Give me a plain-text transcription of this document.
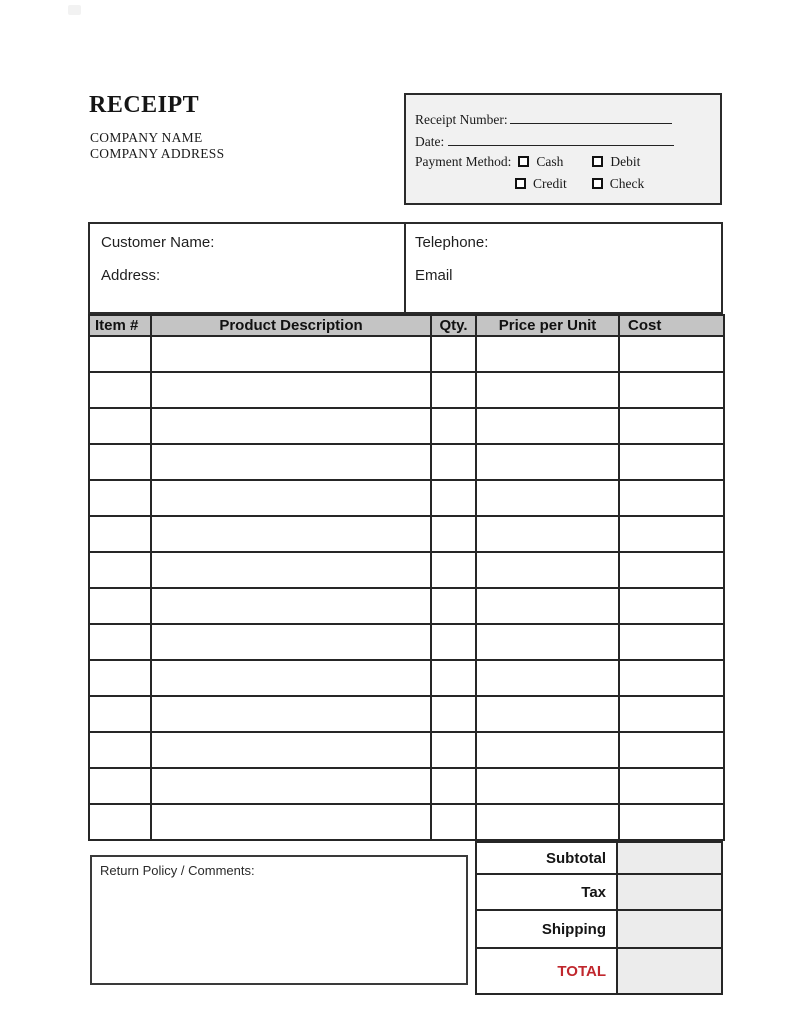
RECEIPT
COMPANY NAME
COMPANY ADDRESS
Receipt Number:
Date:
Payment Method: Cash	Debit
Credit	Check
Customer Name:
Address:
Telephone:
Email
Item #	Product Description	Qty.	Price per Unit	Cost

Subtotal
Tax
Shipping
TOTAL
Return Policy / Comments:
